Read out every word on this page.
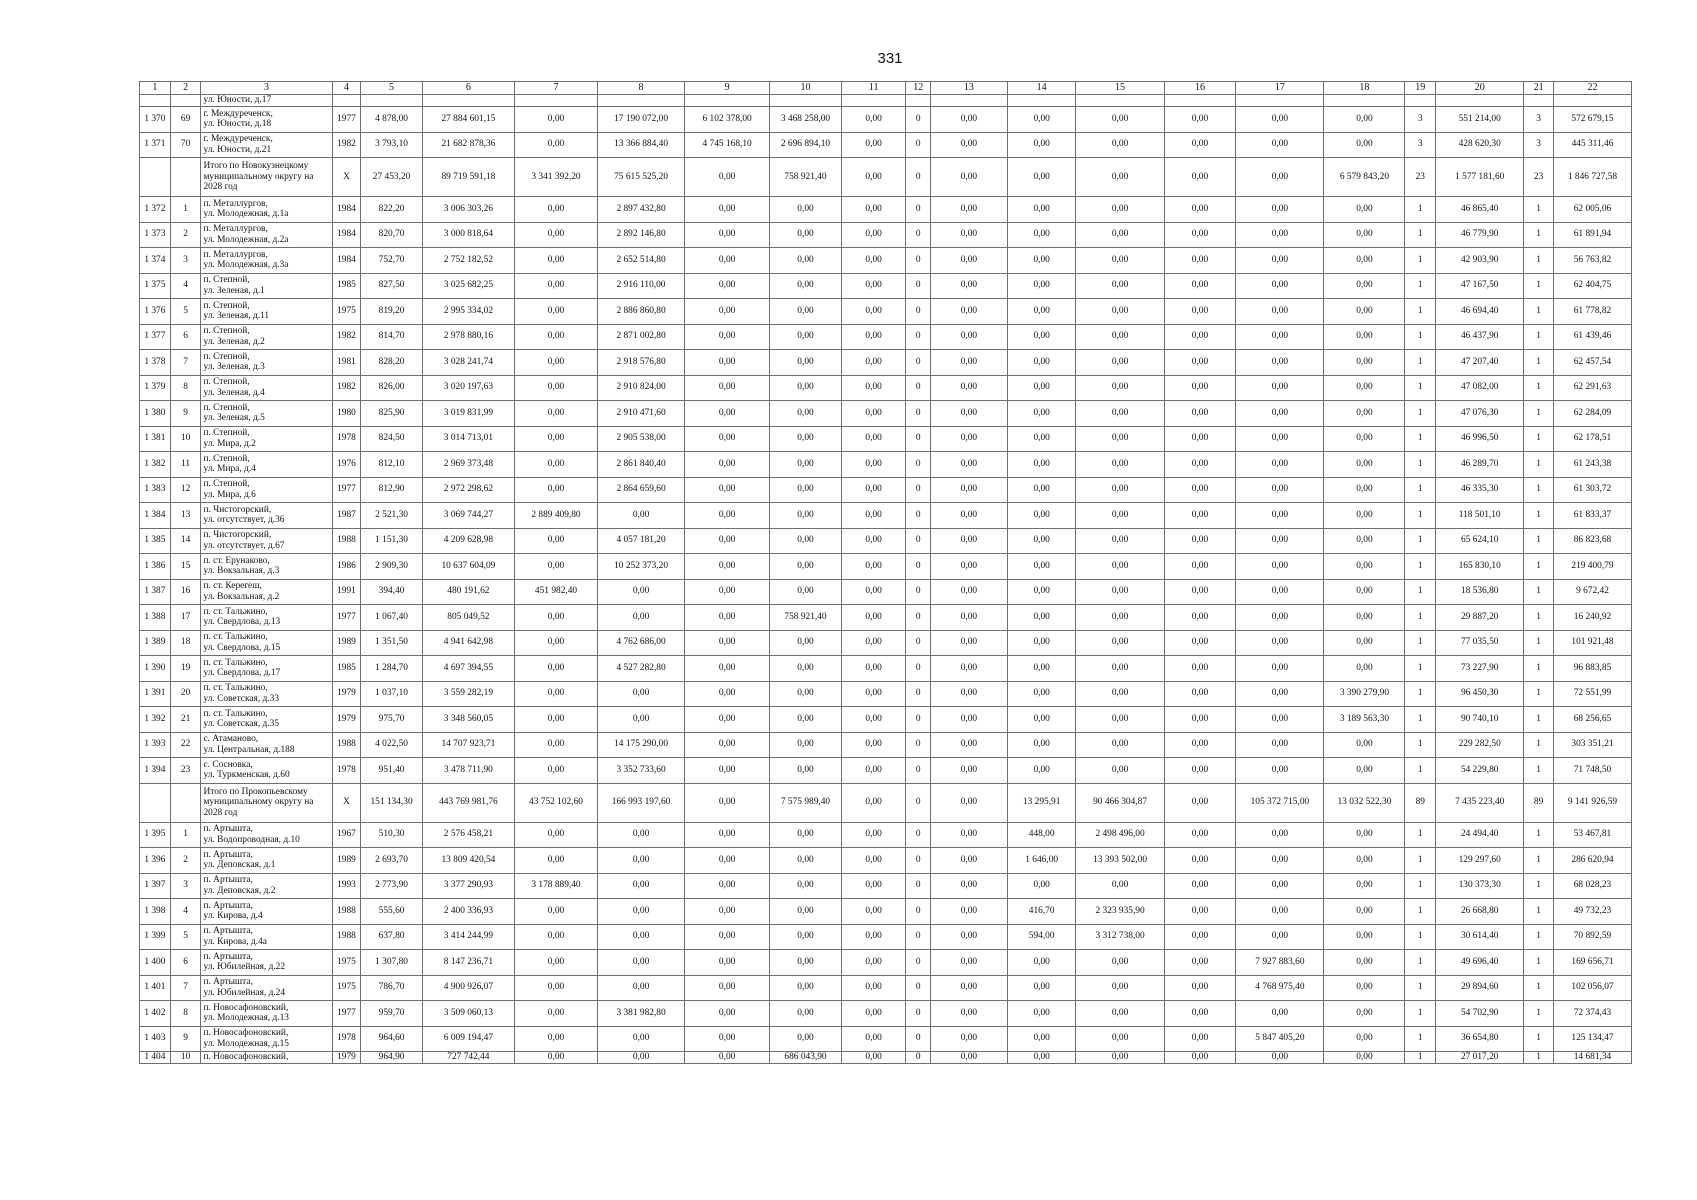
331
1	2	3	4	5	6	7	8	9	10	11	12	13	14	15	16	17	18	19	20	21	22
		ул. Юности, д.17																			
1 370	69	г. Междуреченск,
ул. Юности, д.18	1977	4 878,00	27 884 601,15	0,00	17 190 072,00	6 102 378,00	3 468 258,00	0,00	0	0,00	0,00	0,00	0,00	0,00	0,00	3	551 214,00	3	572 679,15
1 371	70	г. Междуреченск,
ул. Юности, д.21	1982	3 793,10	21 682 878,36	0,00	13 366 884,40	4 745 168,10	2 696 894,10	0,00	0	0,00	0,00	0,00	0,00	0,00	0,00	3	428 620,30	3	445 311,46
		Итого по Новокузнецкому муниципальному округу на 2028 год	X	27 453,20	89 719 591,18	3 341 392,20	75 615 525,20	0,00	758 921,40	0,00	0	0,00	0,00	0,00	0,00	0,00	6 579 843,20	23	1 577 181,60	23	1 846 727,58
1 372	1	п. Металлургов,
ул. Молодежная, д.1а	1984	822,20	3 006 303,26	0,00	2 897 432,80	0,00	0,00	0,00	0	0,00	0,00	0,00	0,00	0,00	0,00	1	46 865,40	1	62 005,06
1 373	2	п. Металлургов,
ул. Молодежная, д.2а	1984	820,70	3 000 818,64	0,00	2 892 146,80	0,00	0,00	0,00	0	0,00	0,00	0,00	0,00	0,00	0,00	1	46 779,90	1	61 891,94
1 374	3	п. Металлургов,
ул. Молодежная, д.3а	1984	752,70	2 752 182,52	0,00	2 652 514,80	0,00	0,00	0,00	0	0,00	0,00	0,00	0,00	0,00	0,00	1	42 903,90	1	56 763,82
1 375	4	п. Степной,
ул. Зеленая, д.1	1985	827,50	3 025 682,25	0,00	2 916 110,00	0,00	0,00	0,00	0	0,00	0,00	0,00	0,00	0,00	0,00	1	47 167,50	1	62 404,75
1 376	5	п. Степной,
ул. Зеленая, д.11	1975	819,20	2 995 334,02	0,00	2 886 860,80	0,00	0,00	0,00	0	0,00	0,00	0,00	0,00	0,00	0,00	1	46 694,40	1	61 778,82
1 377	6	п. Степной,
ул. Зеленая, д.2	1982	814,70	2 978 880,16	0,00	2 871 002,80	0,00	0,00	0,00	0	0,00	0,00	0,00	0,00	0,00	0,00	1	46 437,90	1	61 439,46
1 378	7	п. Степной,
ул. Зеленая, д.3	1981	828,20	3 028 241,74	0,00	2 918 576,80	0,00	0,00	0,00	0	0,00	0,00	0,00	0,00	0,00	0,00	1	47 207,40	1	62 457,54
1 379	8	п. Степной,
ул. Зеленая, д.4	1982	826,00	3 020 197,63	0,00	2 910 824,00	0,00	0,00	0,00	0	0,00	0,00	0,00	0,00	0,00	0,00	1	47 082,00	1	62 291,63
1 380	9	п. Степной,
ул. Зеленая, д.5	1980	825,90	3 019 831,99	0,00	2 910 471,60	0,00	0,00	0,00	0	0,00	0,00	0,00	0,00	0,00	0,00	1	47 076,30	1	62 284,09
1 381	10	п. Степной,
ул. Мира, д.2	1978	824,50	3 014 713,01	0,00	2 905 538,00	0,00	0,00	0,00	0	0,00	0,00	0,00	0,00	0,00	0,00	1	46 996,50	1	62 178,51
1 382	11	п. Степной,
ул. Мира, д.4	1976	812,10	2 969 373,48	0,00	2 861 840,40	0,00	0,00	0,00	0	0,00	0,00	0,00	0,00	0,00	0,00	1	46 289,70	1	61 243,38
1 383	12	п. Степной,
ул. Мира, д.6	1977	812,90	2 972 298,62	0,00	2 864 659,60	0,00	0,00	0,00	0	0,00	0,00	0,00	0,00	0,00	0,00	1	46 335,30	1	61 303,72
1 384	13	п. Чистогорский,
ул. отсутствует, д.36	1987	2 521,30	3 069 744,27	2 889 409,80	0,00	0,00	0,00	0,00	0	0,00	0,00	0,00	0,00	0,00	0,00	1	118 501,10	1	61 833,37
1 385	14	п. Чистогорский,
ул. отсутствует, д.67	1988	1 151,30	4 209 628,98	0,00	4 057 181,20	0,00	0,00	0,00	0	0,00	0,00	0,00	0,00	0,00	0,00	1	65 624,10	1	86 823,68
1 386	15	п. ст. Ерунаково,
ул. Вокзальная, д.3	1986	2 909,30	10 637 604,09	0,00	10 252 373,20	0,00	0,00	0,00	0	0,00	0,00	0,00	0,00	0,00	0,00	1	165 830,10	1	219 400,79
1 387	16	п. ст. Кеpегеш,
ул. Вокзальная, д.2	1991	394,40	480 191,62	451 982,40	0,00	0,00	0,00	0,00	0	0,00	0,00	0,00	0,00	0,00	0,00	1	18 536,80	1	9 672,42
1 388	17	п. ст. Тальжино,
ул. Свердлова, д.13	1977	1 067,40	805 049,52	0,00	0,00	0,00	758 921,40	0,00	0	0,00	0,00	0,00	0,00	0,00	0,00	1	29 887,20	1	16 240,92
1 389	18	п. ст. Тальжино,
ул. Свердлова, д.15	1989	1 351,50	4 941 642,98	0,00	4 762 686,00	0,00	0,00	0,00	0	0,00	0,00	0,00	0,00	0,00	0,00	1	77 035,50	1	101 921,48
1 390	19	п. ст. Тальжино,
ул. Свердлова, д.17	1985	1 284,70	4 697 394,55	0,00	4 527 282,80	0,00	0,00	0,00	0	0,00	0,00	0,00	0,00	0,00	0,00	1	73 227,90	1	96 883,85
1 391	20	п. ст. Тальжино,
ул. Советская, д.33	1979	1 037,10	3 559 282,19	0,00	0,00	0,00	0,00	0,00	0	0,00	0,00	0,00	0,00	0,00	3 390 279,90	1	96 450,30	1	72 551,99
1 392	21	п. ст. Тальжино,
ул. Советская, д.35	1979	975,70	3 348 560,05	0,00	0,00	0,00	0,00	0,00	0	0,00	0,00	0,00	0,00	0,00	3 189 563,30	1	90 740,10	1	68 256,65
1 393	22	с. Атаманово,
ул. Центральная, д.188	1988	4 022,50	14 707 923,71	0,00	14 175 290,00	0,00	0,00	0,00	0	0,00	0,00	0,00	0,00	0,00	0,00	1	229 282,50	1	303 351,21
1 394	23	с. Сосновка,
ул. Туркменская, д.60	1978	951,40	3 478 711,90	0,00	3 352 733,60	0,00	0,00	0,00	0	0,00	0,00	0,00	0,00	0,00	0,00	1	54 229,80	1	71 748,50
		Итого по Прокопьевскому муниципальному округу на 2028 год	X	151 134,30	443 769 981,76	43 752 102,60	166 993 197,60	0,00	7 575 989,40	0,00	0	0,00	13 295,91	90 466 304,87	0,00	105 372 715,00	13 032 522,30	89	7 435 223,40	89	9 141 926,59
1 395	1	п. Артышта,
ул. Водопроводная, д.10	1967	510,30	2 576 458,21	0,00	0,00	0,00	0,00	0,00	0	0,00	448,00	2 498 496,00	0,00	0,00	0,00	1	24 494,40	1	53 467,81
1 396	2	п. Артышта,
ул. Деповская, д.1	1989	2 693,70	13 809 420,54	0,00	0,00	0,00	0,00	0,00	0	0,00	1 646,00	13 393 502,00	0,00	0,00	0,00	1	129 297,60	1	286 620,94
1 397	3	п. Артышта,
ул. Деповская, д.2	1993	2 773,90	3 377 290,93	3 178 889,40	0,00	0,00	0,00	0,00	0	0,00	0,00	0,00	0,00	0,00	0,00	1	130 373,30	1	68 028,23
1 398	4	п. Артышта,
ул. Кирова, д.4	1988	555,60	2 400 336,93	0,00	0,00	0,00	0,00	0,00	0	0,00	416,70	2 323 935,90	0,00	0,00	0,00	1	26 668,80	1	49 732,23
1 399	5	п. Артышта,
ул. Кирова, д.4а	1988	637,80	3 414 244,99	0,00	0,00	0,00	0,00	0,00	0	0,00	594,00	3 312 738,00	0,00	0,00	0,00	1	30 614,40	1	70 892,59
1 400	6	п. Артышта,
ул. Юбилейная, д.22	1975	1 307,80	8 147 236,71	0,00	0,00	0,00	0,00	0,00	0	0,00	0,00	0,00	0,00	7 927 883,60	0,00	1	49 696,40	1	169 656,71
1 401	7	п. Артышта,
ул. Юбилейная, д.24	1975	786,70	4 900 926,07	0,00	0,00	0,00	0,00	0,00	0	0,00	0,00	0,00	0,00	4 768 975,40	0,00	1	29 894,60	1	102 056,07
1 402	8	п. Новосафоновский,
ул. Молодежная, д.13	1977	959,70	3 509 060,13	0,00	3 381 982,80	0,00	0,00	0,00	0	0,00	0,00	0,00	0,00	0,00	0,00	1	54 702,90	1	72 374,43
1 403	9	п. Новосафоновский,
ул. Молодежная, д.15	1978	964,60	6 009 194,47	0,00	0,00	0,00	0,00	0,00	0	0,00	0,00	0,00	0,00	5 847 405,20	0,00	1	36 654,80	1	125 134,47
1 404	10	п. Новосафоновский,	1979	964,90	727 742,44	0,00	0,00	0,00	686 043,90	0,00	0	0,00	0,00	0,00	0,00	0,00	0,00	1	27 017,20	1	14 681,34
